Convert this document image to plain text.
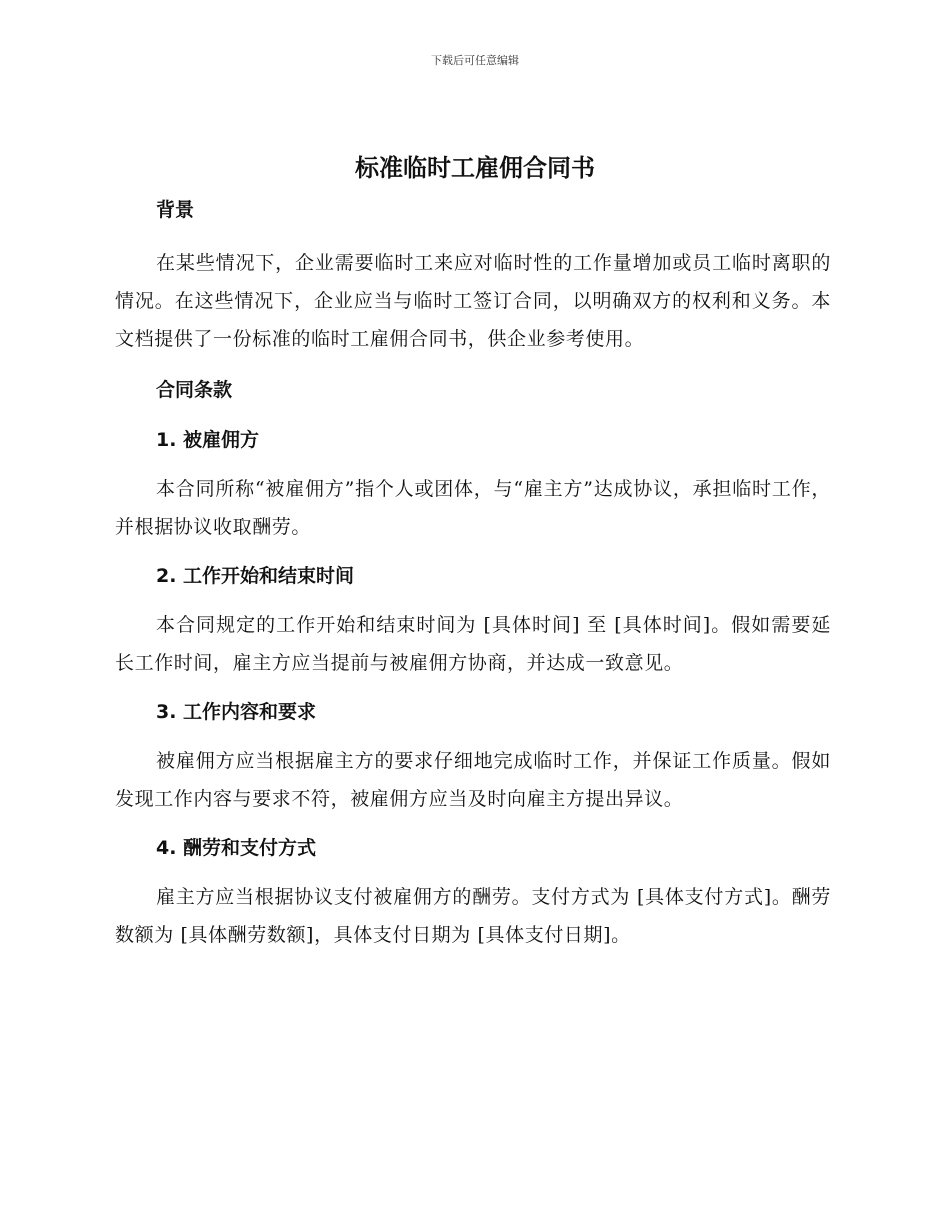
下载后可任意编辑
标准临时工雇佣合同书
背景

在某些情况下，企业需要临时工来应对临时性的工作量增加或员工临时离职的情况。在这些情况下，企业应当与临时工签订合同，以明确双方的权利和义务。本文档提供了一份标准的临时工雇佣合同书，供企业参考使用。

合同条款
1. 被雇佣方

本合同所称“被雇佣方”指个人或团体，与“雇主方”达成协议，承担临时工作，并根据协议收取酬劳。

2. 工作开始和结束时间

本合同规定的工作开始和结束时间为 [具体时间] 至 [具体时间]。假如需要延长工作时间，雇主方应当提前与被雇佣方协商，并达成一致意见。

3. 工作内容和要求

被雇佣方应当根据雇主方的要求仔细地完成临时工作，并保证工作质量。假如发现工作内容与要求不符，被雇佣方应当及时向雇主方提出异议。

4. 酬劳和支付方式

雇主方应当根据协议支付被雇佣方的酬劳。支付方式为 [具体支付方式]。酬劳数额为 [具体酬劳数额]，具体支付日期为 [具体支付日期]。
